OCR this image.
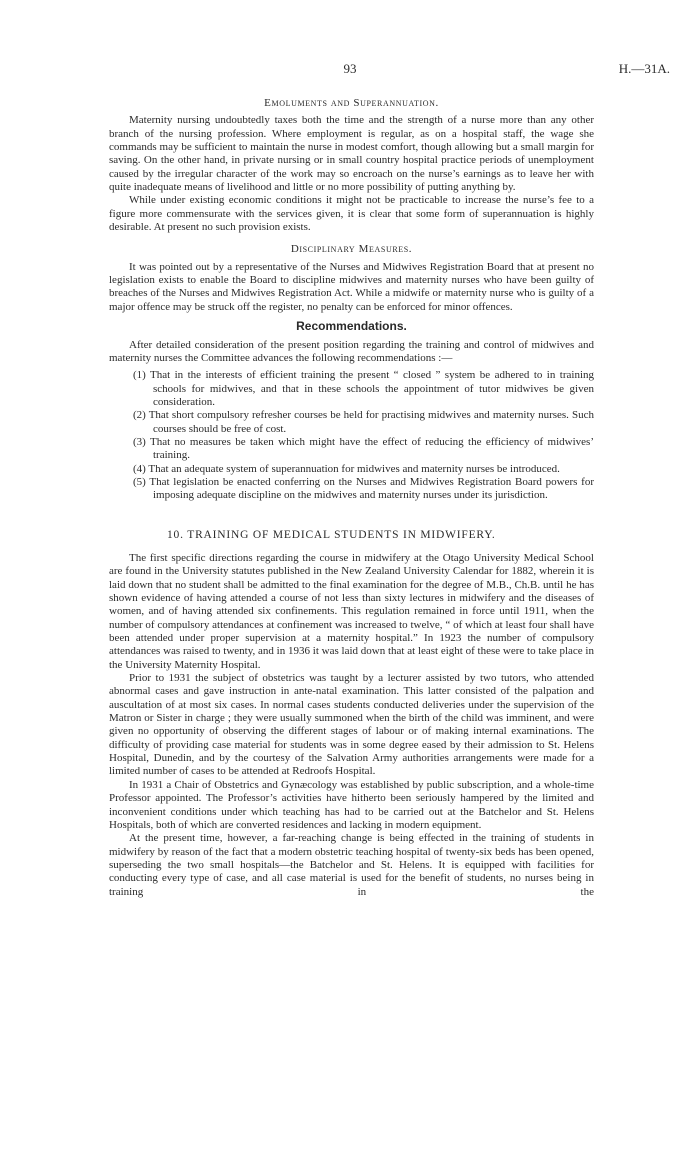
93	H.—31A.
Emoluments and Superannuation.

Maternity nursing undoubtedly taxes both the time and the strength of a nurse more than any other branch of the nursing profession. Where employment is regular, as on a hospital staff, the wage she commands may be sufficient to maintain the nurse in modest comfort, though allowing but a small margin for saving. On the other hand, in private nursing or in small country hospital practice periods of unemployment caused by the irregular character of the work may so encroach on the nurse’s earnings as to leave her with quite inadequate means of livelihood and little or no more possibility of putting anything by.

While under existing economic conditions it might not be practicable to increase the nurse’s fee to a figure more commensurate with the services given, it is clear that some form of superannuation is highly desirable. At present no such provision exists.

Disciplinary Measures.

It was pointed out by a representative of the Nurses and Midwives Registration Board that at present no legislation exists to enable the Board to discipline midwives and maternity nurses who have been guilty of breaches of the Nurses and Midwives Registration Act. While a midwife or maternity nurse who is guilty of a major offence may be struck off the register, no penalty can be enforced for minor offences.

Recommendations.

After detailed consideration of the present position regarding the training and control of midwives and maternity nurses the Committee advances the following recommendations :—

(1) That in the interests of efficient training the present “ closed ” system be adhered to in training schools for midwives, and that in these schools the appointment of tutor midwives be given consideration.
(2) That short compulsory refresher courses be held for practising midwives and maternity nurses. Such courses should be free of cost.
(3) That no measures be taken which might have the effect of reducing the efficiency of midwives’ training.
(4) That an adequate system of superannuation for midwives and maternity nurses be introduced.
(5) That legislation be enacted conferring on the Nurses and Midwives Registration Board powers for imposing adequate discipline on the midwives and maternity nurses under its jurisdiction.
10. TRAINING OF MEDICAL STUDENTS IN MIDWIFERY.

The first specific directions regarding the course in midwifery at the Otago University Medical School are found in the University statutes published in the New Zealand University Calendar for 1882, wherein it is laid down that no student shall be admitted to the final examination for the degree of M.B., Ch.B. until he has shown evidence of having attended a course of not less than sixty lectures in midwifery and the diseases of women, and of having attended six confinements. This regulation remained in force until 1911, when the number of compulsory attendances at confinement was increased to twelve, “ of which at least four shall have been attended under proper supervision at a maternity hospital.” In 1923 the number of compulsory attendances was raised to twenty, and in 1936 it was laid down that at least eight of these were to take place in the University Maternity Hospital.

Prior to 1931 the subject of obstetrics was taught by a lecturer assisted by two tutors, who attended abnormal cases and gave instruction in ante-natal examination. This latter consisted of the palpation and auscultation of at most six cases. In normal cases students conducted deliveries under the supervision of the Matron or Sister in charge ; they were usually summoned when the birth of the child was imminent, and were given no opportunity of observing the different stages of labour or of making internal examinations. The difficulty of providing case material for students was in some degree eased by their admission to St. Helens Hospital, Dunedin, and by the courtesy of the Salvation Army authorities arrangements were made for a limited number of cases to be attended at Redroofs Hospital.

In 1931 a Chair of Obstetrics and Gynæcology was established by public subscription, and a whole-time Professor appointed. The Professor’s activities have hitherto been seriously hampered by the limited and inconvenient conditions under which teaching has had to be carried out at the Batchelor and St. Helens Hospitals, both of which are converted residences and lacking in modern equipment.

At the present time, however, a far-reaching change is being effected in the training of students in midwifery by reason of the fact that a modern obstetric teaching hospital of twenty-six beds has been opened, superseding the two small hospitals—the Batchelor and St. Helens. It is equipped with facilities for conducting every type of case, and all case material is used for the benefit of students, no nurses being in training in the
